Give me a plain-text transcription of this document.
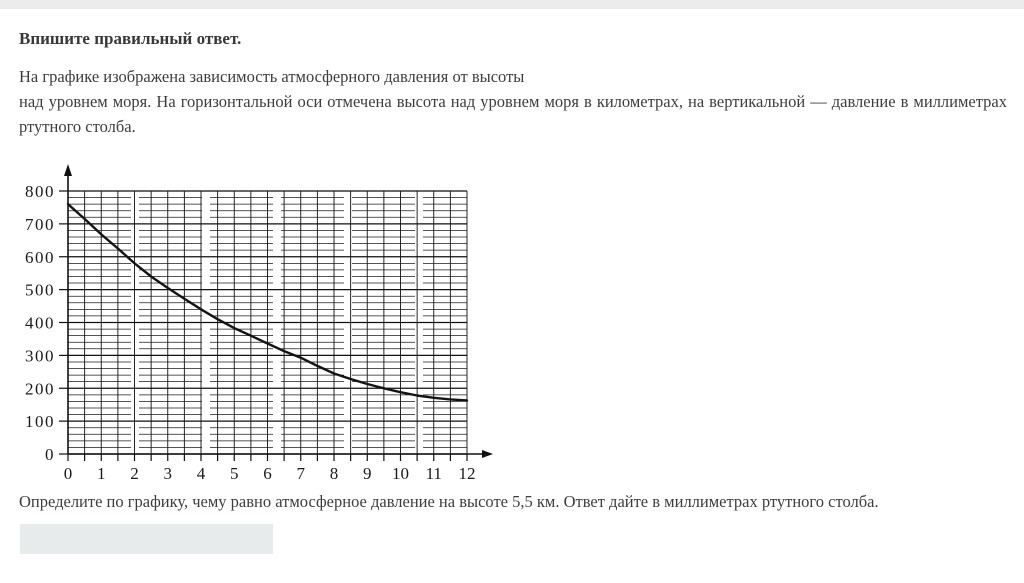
Впишите правильный ответ.
На графике изображена зависимость атмосферного давления от высоты
над уровнем моря. На горизонтальной оси отмечена высота над уровнем моря в километрах, на вертикальной — давление в миллиметрах ртутного столба.
0
100
200
300
400
500
600
700
800
0 1 2 3 4 5 6 7 8 9 10 11 12
Определите по графику, чему равно атмосферное давление на высоте 5,5 км. Ответ дайте в миллиметрах ртутного столба.
